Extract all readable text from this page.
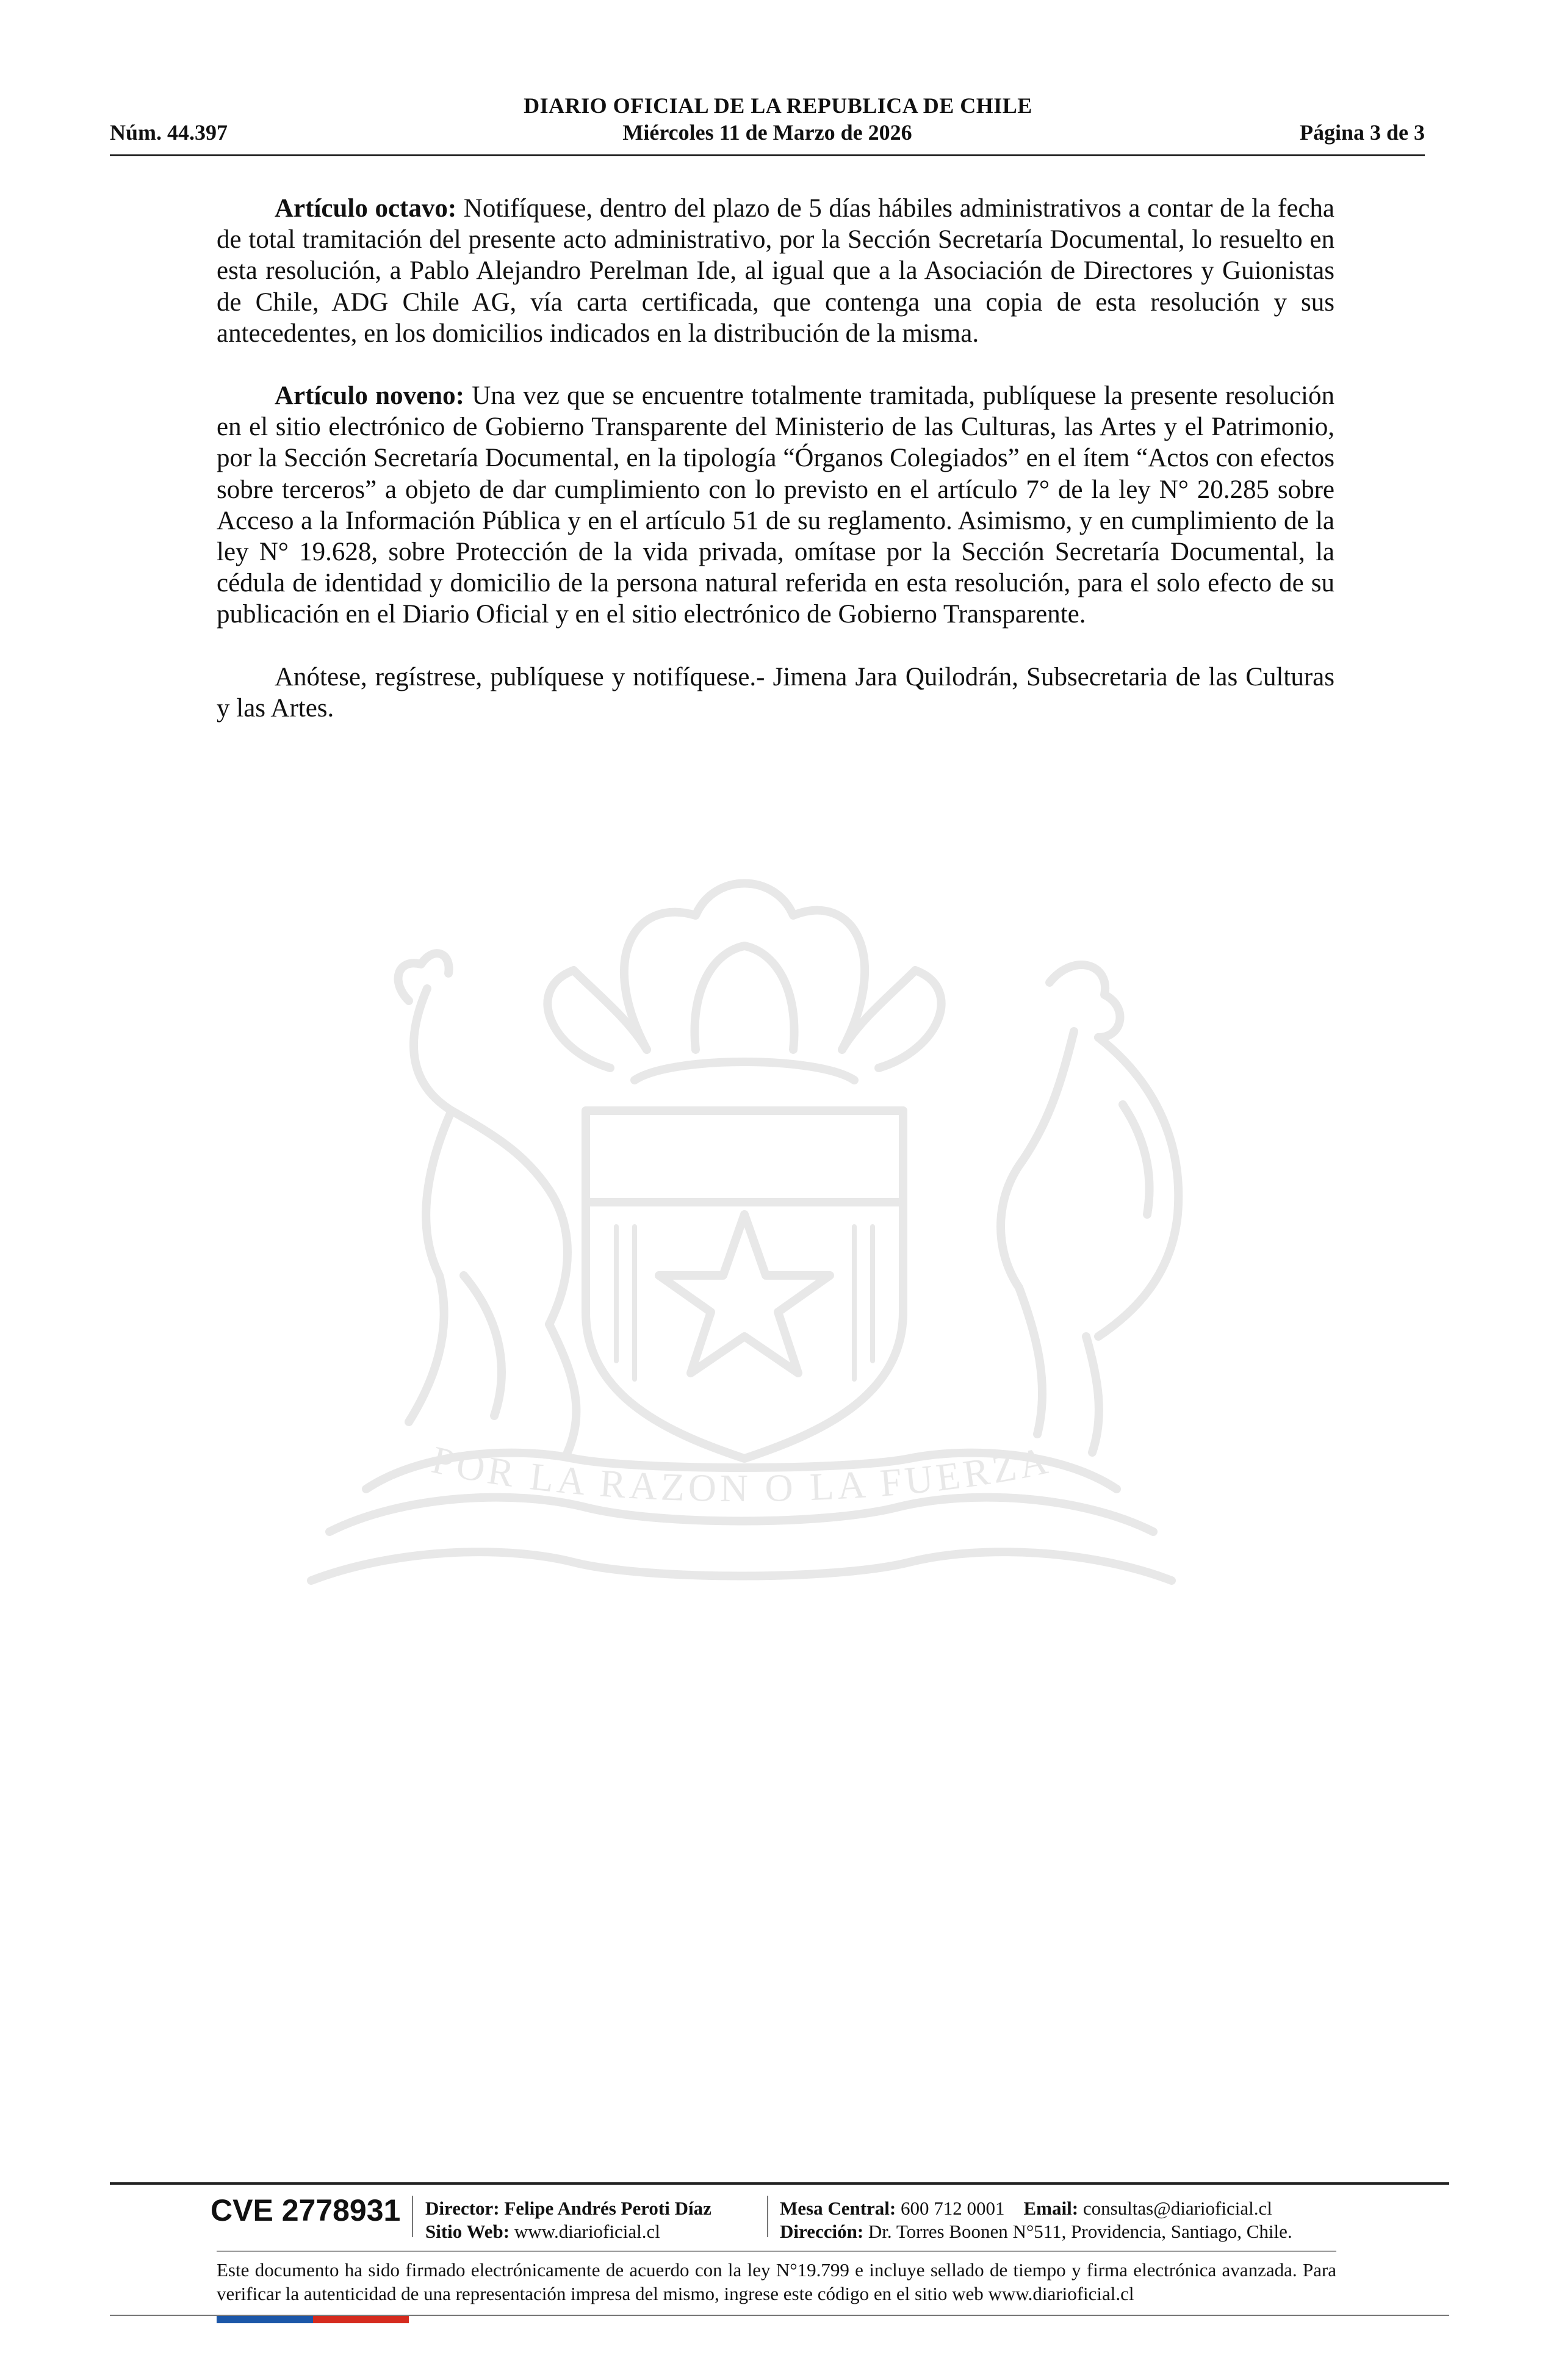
DIARIO OFICIAL DE LA REPUBLICA DE CHILE
Núm. 44.397	Miércoles 11 de Marzo de 2026	Página 3 de 3
POR LA RAZON O LA FUERZA

Artículo octavo: Notifíquese, dentro del plazo de 5 días hábiles administrativos a contar de la fecha de total tramitación del presente acto administrativo, por la Sección Secretaría Documental, lo resuelto en esta resolución, a Pablo Alejandro Perelman Ide, al igual que a la Asociación de Directores y Guionistas de Chile, ADG Chile AG, vía carta certificada, que contenga una copia de esta resolución y sus antecedentes, en los domicilios indicados en la distribución de la misma.

Artículo noveno: Una vez que se encuentre totalmente tramitada, publíquese la presente resolución en el sitio electrónico de Gobierno Transparente del Ministerio de las Culturas, las Artes y el Patrimonio, por la Sección Secretaría Documental, en la tipología “Órganos Colegiados” en el ítem “Actos con efectos sobre terceros” a objeto de dar cumplimiento con lo previsto en el artículo 7° de la ley N° 20.285 sobre Acceso a la Información Pública y en el artículo 51 de su reglamento. Asimismo, y en cumplimiento de la ley N° 19.628, sobre Protección de la vida privada, omítase por la Sección Secretaría Documental, la cédula de identidad y domicilio de la persona natural referida en esta resolución, para el solo efecto de su publicación en el Diario Oficial y en el sitio electrónico de Gobierno Transparente.

Anótese, regístrese, publíquese y notifíquese.- Jimena Jara Quilodrán, Subsecretaria de las Culturas y las Artes.

CVE 2778931 Director: Felipe Andrés Peroti Díaz
Sitio Web: www.diarioficial.cl
Mesa Central: 600 712 0001 Email: consultas@diarioficial.cl
Dirección: Dr. Torres Boonen N°511, Providencia, Santiago, Chile.
Este documento ha sido firmado electrónicamente de acuerdo con la ley N°19.799 e incluye sellado de tiempo y firma electrónica avanzada. Para verificar la autenticidad de una representación impresa del mismo, ingrese este código en el sitio web www.diarioficial.cl
